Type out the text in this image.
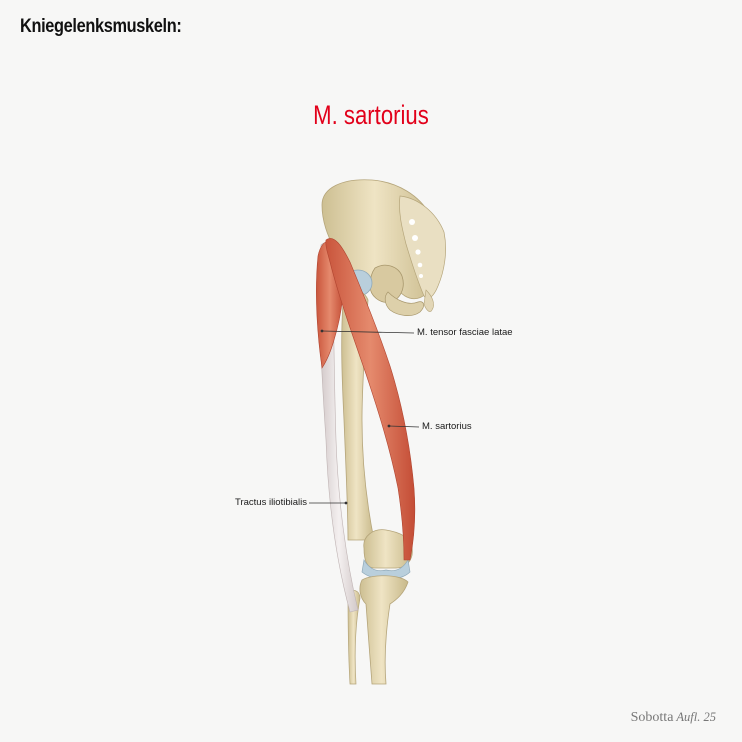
Kniegelenksmuskeln:
M. sartorius
M. tensor fasciae latae
M. sartorius
Tractus iliotibialis
Sobotta Aufl. 25
